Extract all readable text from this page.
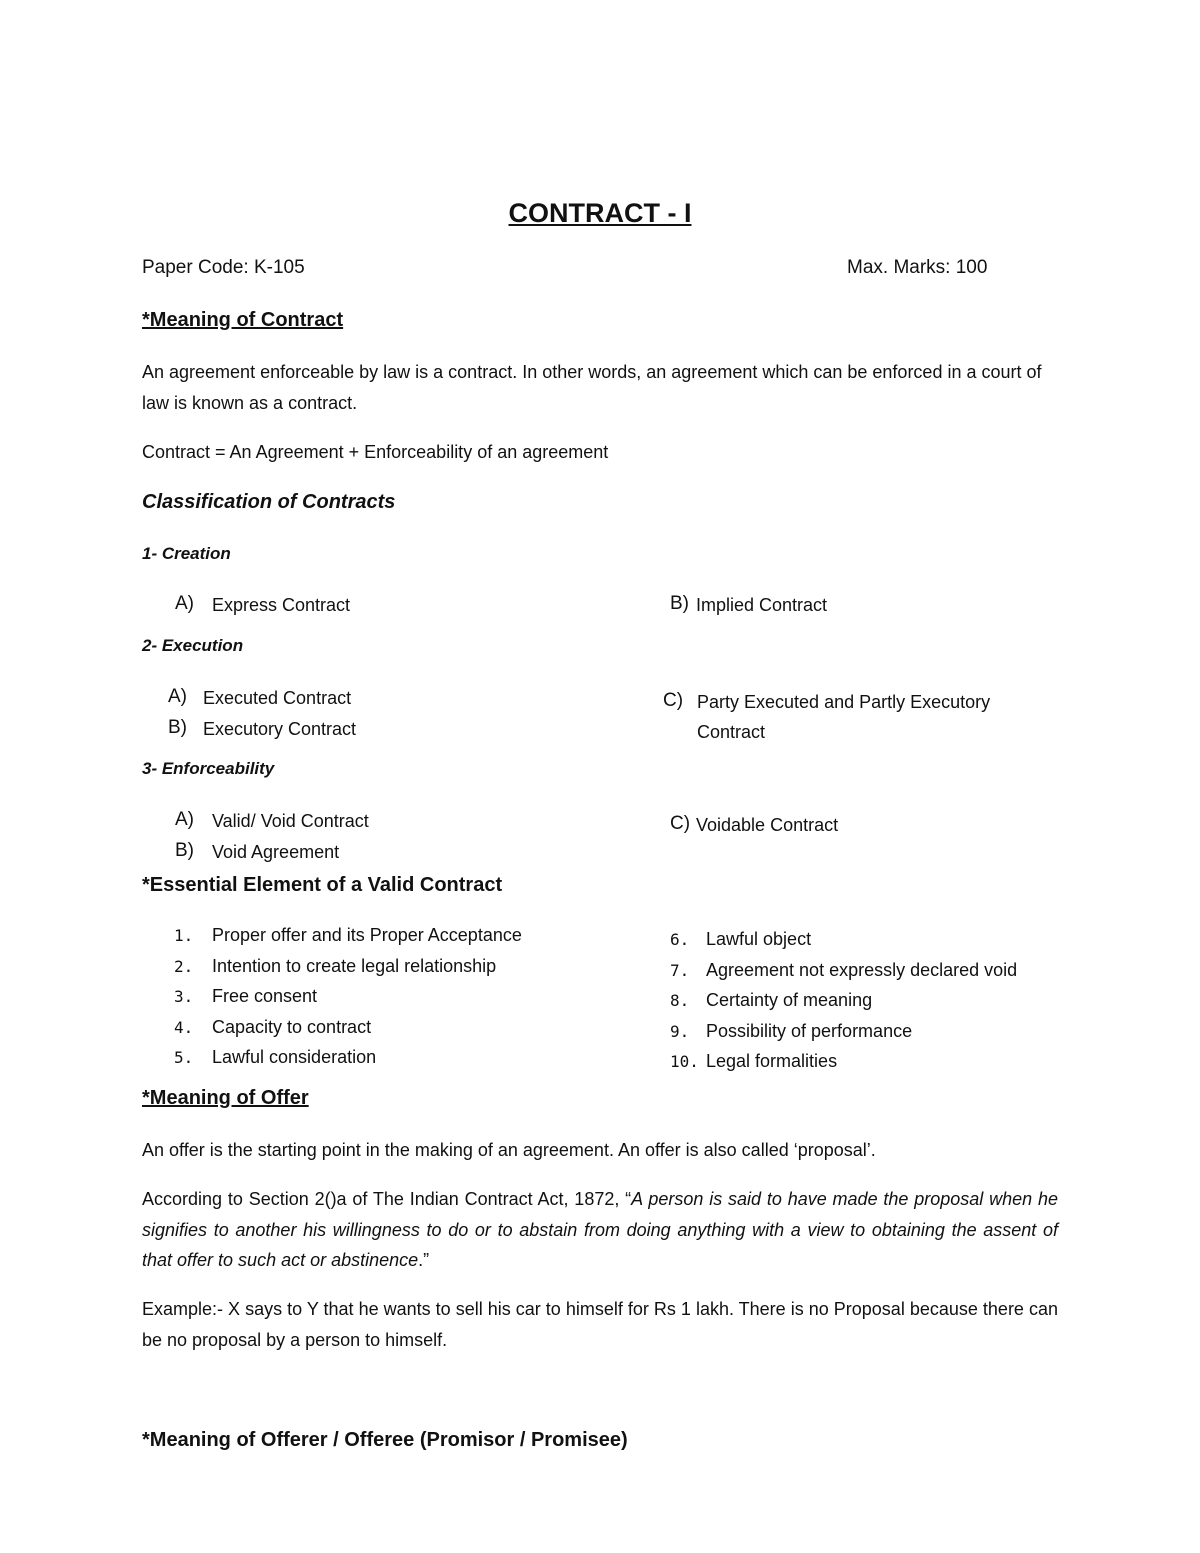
CONTRACT - I
Paper Code: K-105	Max. Marks: 100
*Meaning of Contract
An agreement enforceable by law is a contract. In other words, an agreement which can be enforced in a court of law is known as a contract.
Contract = An Agreement + Enforceability of an agreement
Classification of Contracts
1- Creation
A) Express Contract	B) Implied Contract
2- Execution
A) Executed Contract
B) Executory Contract
C) Party Executed and Partly Executory
Contract
3- Enforceability
A) Valid/ Void Contract
B) Void Agreement
C) Voidable Contract
*Essential Element of a Valid Contract
1. Proper offer and its Proper Acceptance
2. Intention to create legal relationship
3. Free consent
4. Capacity to contract
5. Lawful consideration
6. Lawful object
7. Agreement not expressly declared void
8. Certainty of meaning
9. Possibility of performance
10. Legal formalities
*Meaning of Offer
An offer is the starting point in the making of an agreement. An offer is also called ‘proposal’.
According to Section 2()a of The Indian Contract Act, 1872, “A person is said to have made the proposal when he signifies to another his willingness to do or to abstain from doing anything with a view to obtaining the assent of that offer to such act or abstinence.”
Example:- X says to Y that he wants to sell his car to himself for Rs 1 lakh. There is no Proposal because there can be no proposal by a person to himself.
*Meaning of Offerer / Offeree (Promisor / Promisee)
